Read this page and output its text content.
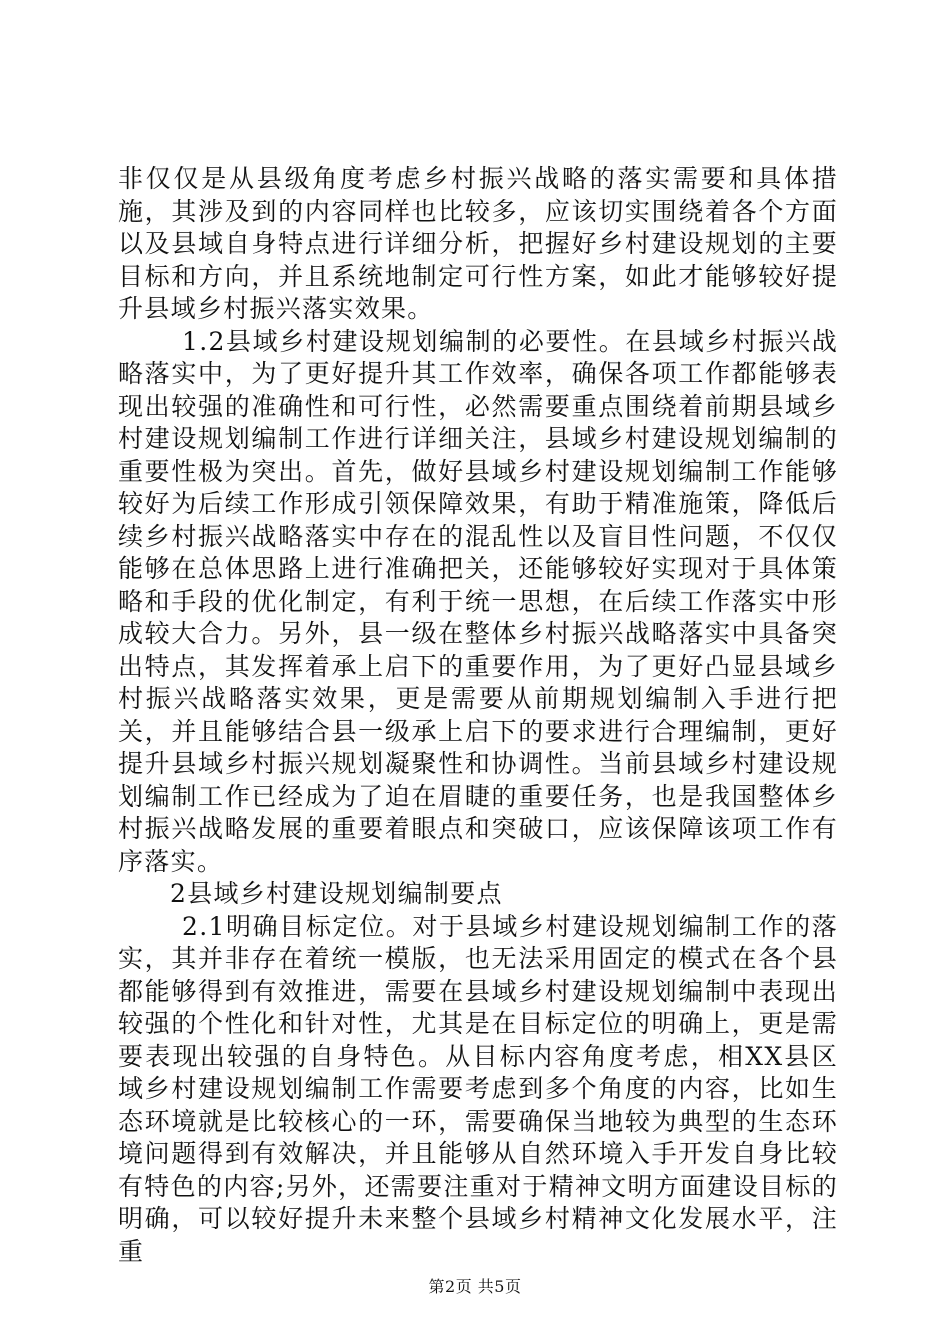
非仅仅是从县级角度考虑乡村振兴战略的落实需要和具体措施，其涉及到的内容同样也比较多，应该切实围绕着各个方面以及县域自身特点进行详细分析，把握好乡村建设规划的主要目标和方向，并且系统地制定可行性方案，如此才能够较好提升县域乡村振兴落实效果。

1.2县域乡村建设规划编制的必要性。在县域乡村振兴战略落实中，为了更好提升其工作效率，确保各项工作都能够表现出较强的准确性和可行性，必然需要重点围绕着前期县域乡村建设规划编制工作进行详细关注，县域乡村建设规划编制的重要性极为突出。首先，做好县域乡村建设规划编制工作能够较好为后续工作形成引领保障效果，有助于精准施策，降低后续乡村振兴战略落实中存在的混乱性以及盲目性问题，不仅仅能够在总体思路上进行准确把关，还能够较好实现对于具体策略和手段的优化制定，有利于统一思想，在后续工作落实中形成较大合力。另外，县一级在整体乡村振兴战略落实中具备突出特点，其发挥着承上启下的重要作用，为了更好凸显县域乡村振兴战略落实效果，更是需要从前期规划编制入手进行把关，并且能够结合县一级承上启下的要求进行合理编制，更好提升县域乡村振兴规划凝聚性和协调性。当前县域乡村建设规划编制工作已经成为了迫在眉睫的重要任务，也是我国整体乡村振兴战略发展的重要着眼点和突破口，应该保障该项工作有序落实。

2县域乡村建设规划编制要点

2.1明确目标定位。对于县域乡村建设规划编制工作的落实，其并非存在着统一模版，也无法采用固定的模式在各个县都能够得到有效推进，需要在县域乡村建设规划编制中表现出较强的个性化和针对性，尤其是在目标定位的明确上，更是需要表现出较强的自身特色。从目标内容角度考虑，相XX县区域乡村建设规划编制工作需要考虑到多个角度的内容，比如生态环境就是比较核心的一环，需要确保当地较为典型的生态环境问题得到有效解决，并且能够从自然环境入手开发自身比较有特色的内容;另外，还需要注重对于精神文明方面建设目标的明确，可以较好提升未来整个县域乡村精神文化发展水平，注重

第2页 共5页
